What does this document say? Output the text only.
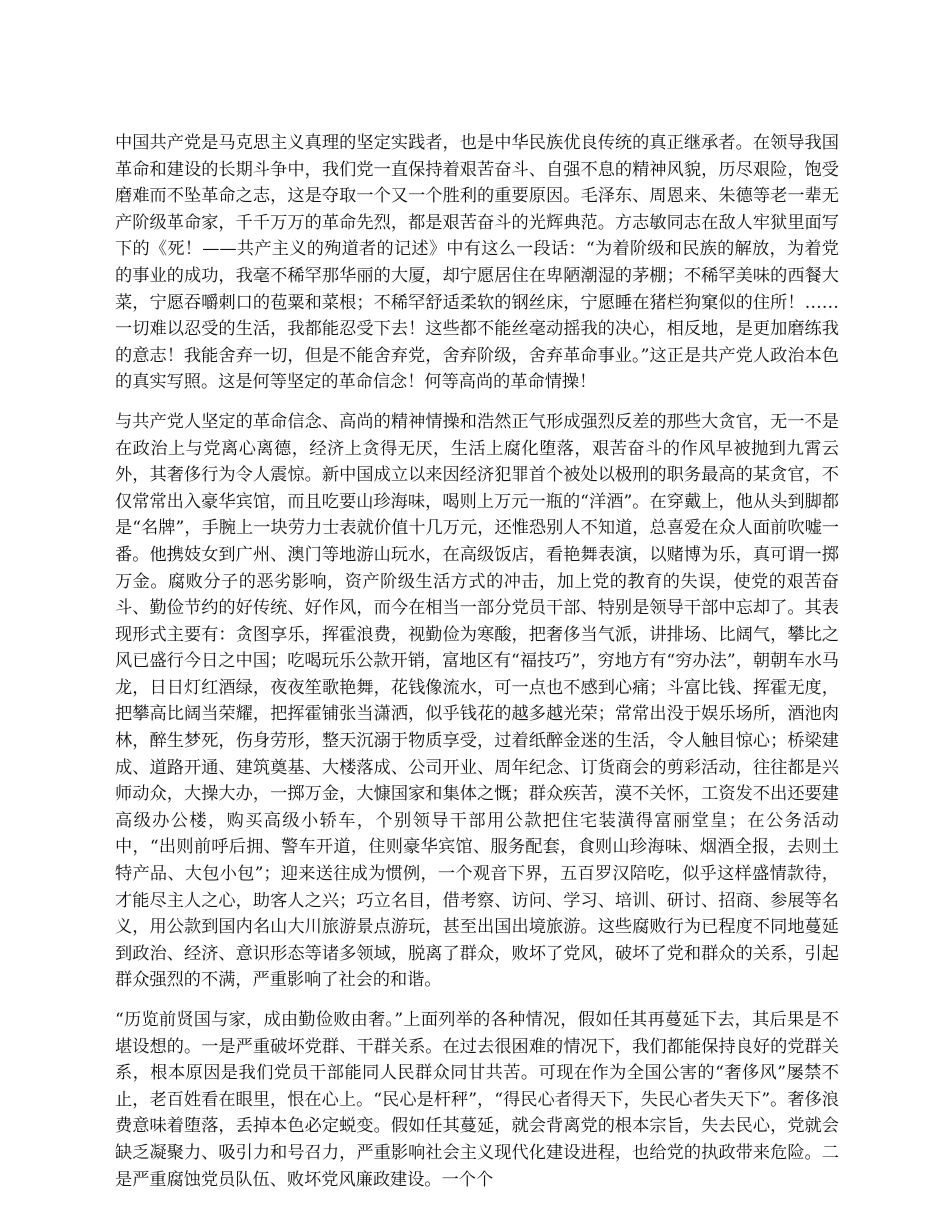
中国共产党是马克思主义真理的坚定实践者，也是中华民族优良传统的真正继承者。在领导我国革命和建设的长期斗争中，我们党一直保持着艰苦奋斗、自强不息的精神风貌，历尽艰险，饱受磨难而不坠革命之志，这是夺取一个又一个胜利的重要原因。毛泽东、周恩来、朱德等老一辈无产阶级革命家，千千万万的革命先烈，都是艰苦奋斗的光辉典范。方志敏同志在敌人牢狱里面写下的《死！——共产主义的殉道者的记述》中有这么一段话：“为着阶级和民族的解放，为着党的事业的成功，我毫不稀罕那华丽的大厦，却宁愿居住在卑陋潮湿的茅棚；不稀罕美味的西餐大菜，宁愿吞嚼刺口的苞粟和菜根；不稀罕舒适柔软的钢丝床，宁愿睡在猪栏狗窠似的住所！……一切难以忍受的生活，我都能忍受下去！这些都不能丝毫动摇我的决心，相反地，是更加磨练我的意志！我能舍弃一切，但是不能舍弃党，舍弃阶级，舍弃革命事业。”这正是共产党人政治本色的真实写照。这是何等坚定的革命信念！何等高尚的革命情操！

与共产党人坚定的革命信念、高尚的精神情操和浩然正气形成强烈反差的那些大贪官，无一不是在政治上与党离心离德，经济上贪得无厌，生活上腐化堕落，艰苦奋斗的作风早被抛到九霄云外，其奢侈行为令人震惊。新中国成立以来因经济犯罪首个被处以极刑的职务最高的某贪官，不仅常常出入豪华宾馆，而且吃要山珍海味，喝则上万元一瓶的“洋酒”。在穿戴上，他从头到脚都是“名牌”，手腕上一块劳力士表就价值十几万元，还惟恐别人不知道，总喜爱在众人面前吹嘘一番。他携妓女到广州、澳门等地游山玩水，在高级饭店，看艳舞表演，以赌博为乐，真可谓一掷万金。腐败分子的恶劣影响，资产阶级生活方式的冲击，加上党的教育的失误，使党的艰苦奋斗、勤俭节约的好传统、好作风，而今在相当一部分党员干部、特别是领导干部中忘却了。其表现形式主要有：贪图享乐，挥霍浪费，视勤俭为寒酸，把奢侈当气派，讲排场、比阔气，攀比之风已盛行今日之中国；吃喝玩乐公款开销，富地区有“福技巧”，穷地方有“穷办法”，朝朝车水马龙，日日灯红酒绿，夜夜笙歌艳舞，花钱像流水，可一点也不感到心痛；斗富比钱、挥霍无度，把攀高比阔当荣耀，把挥霍铺张当潇洒，似乎钱花的越多越光荣；常常出没于娱乐场所，酒池肉林，醉生梦死，伤身劳形，整天沉溺于物质享受，过着纸醉金迷的生活，令人触目惊心；桥梁建成、道路开通、建筑奠基、大楼落成、公司开业、周年纪念、订货商会的剪彩活动，往往都是兴师动众，大操大办，一掷万金，大慷国家和集体之慨；群众疾苦，漠不关怀，工资发不出还要建高级办公楼，购买高级小轿车，个别领导干部用公款把住宅装潢得富丽堂皇；在公务活动中，“出则前呼后拥、警车开道，住则豪华宾馆、服务配套，食则山珍海味、烟酒全报，去则土特产品、大包小包”；迎来送往成为惯例，一个观音下界，五百罗汉陪吃，似乎这样盛情款待，才能尽主人之心，助客人之兴；巧立名目，借考察、访问、学习、培训、研讨、招商、参展等名义，用公款到国内名山大川旅游景点游玩，甚至出国出境旅游。这些腐败行为已程度不同地蔓延到政治、经济、意识形态等诸多领域，脱离了群众，败坏了党风，破坏了党和群众的关系，引起群众强烈的不满，严重影响了社会的和谐。

“历览前贤国与家，成由勤俭败由奢。”上面列举的各种情况，假如任其再蔓延下去，其后果是不堪设想的。一是严重破坏党群、干群关系。在过去很困难的情况下，我们都能保持良好的党群关系，根本原因是我们党员干部能同人民群众同甘共苦。可现在作为全国公害的“奢侈风”屡禁不止，老百姓看在眼里，恨在心上。“民心是杆秤”，“得民心者得天下，失民心者失天下”。奢侈浪费意味着堕落，丢掉本色必定蜕变。假如任其蔓延，就会背离党的根本宗旨，失去民心，党就会缺乏凝聚力、吸引力和号召力，严重影响社会主义现代化建设进程，也给党的执政带来危险。二是严重腐蚀党员队伍、败坏党风廉政建设。一个个
